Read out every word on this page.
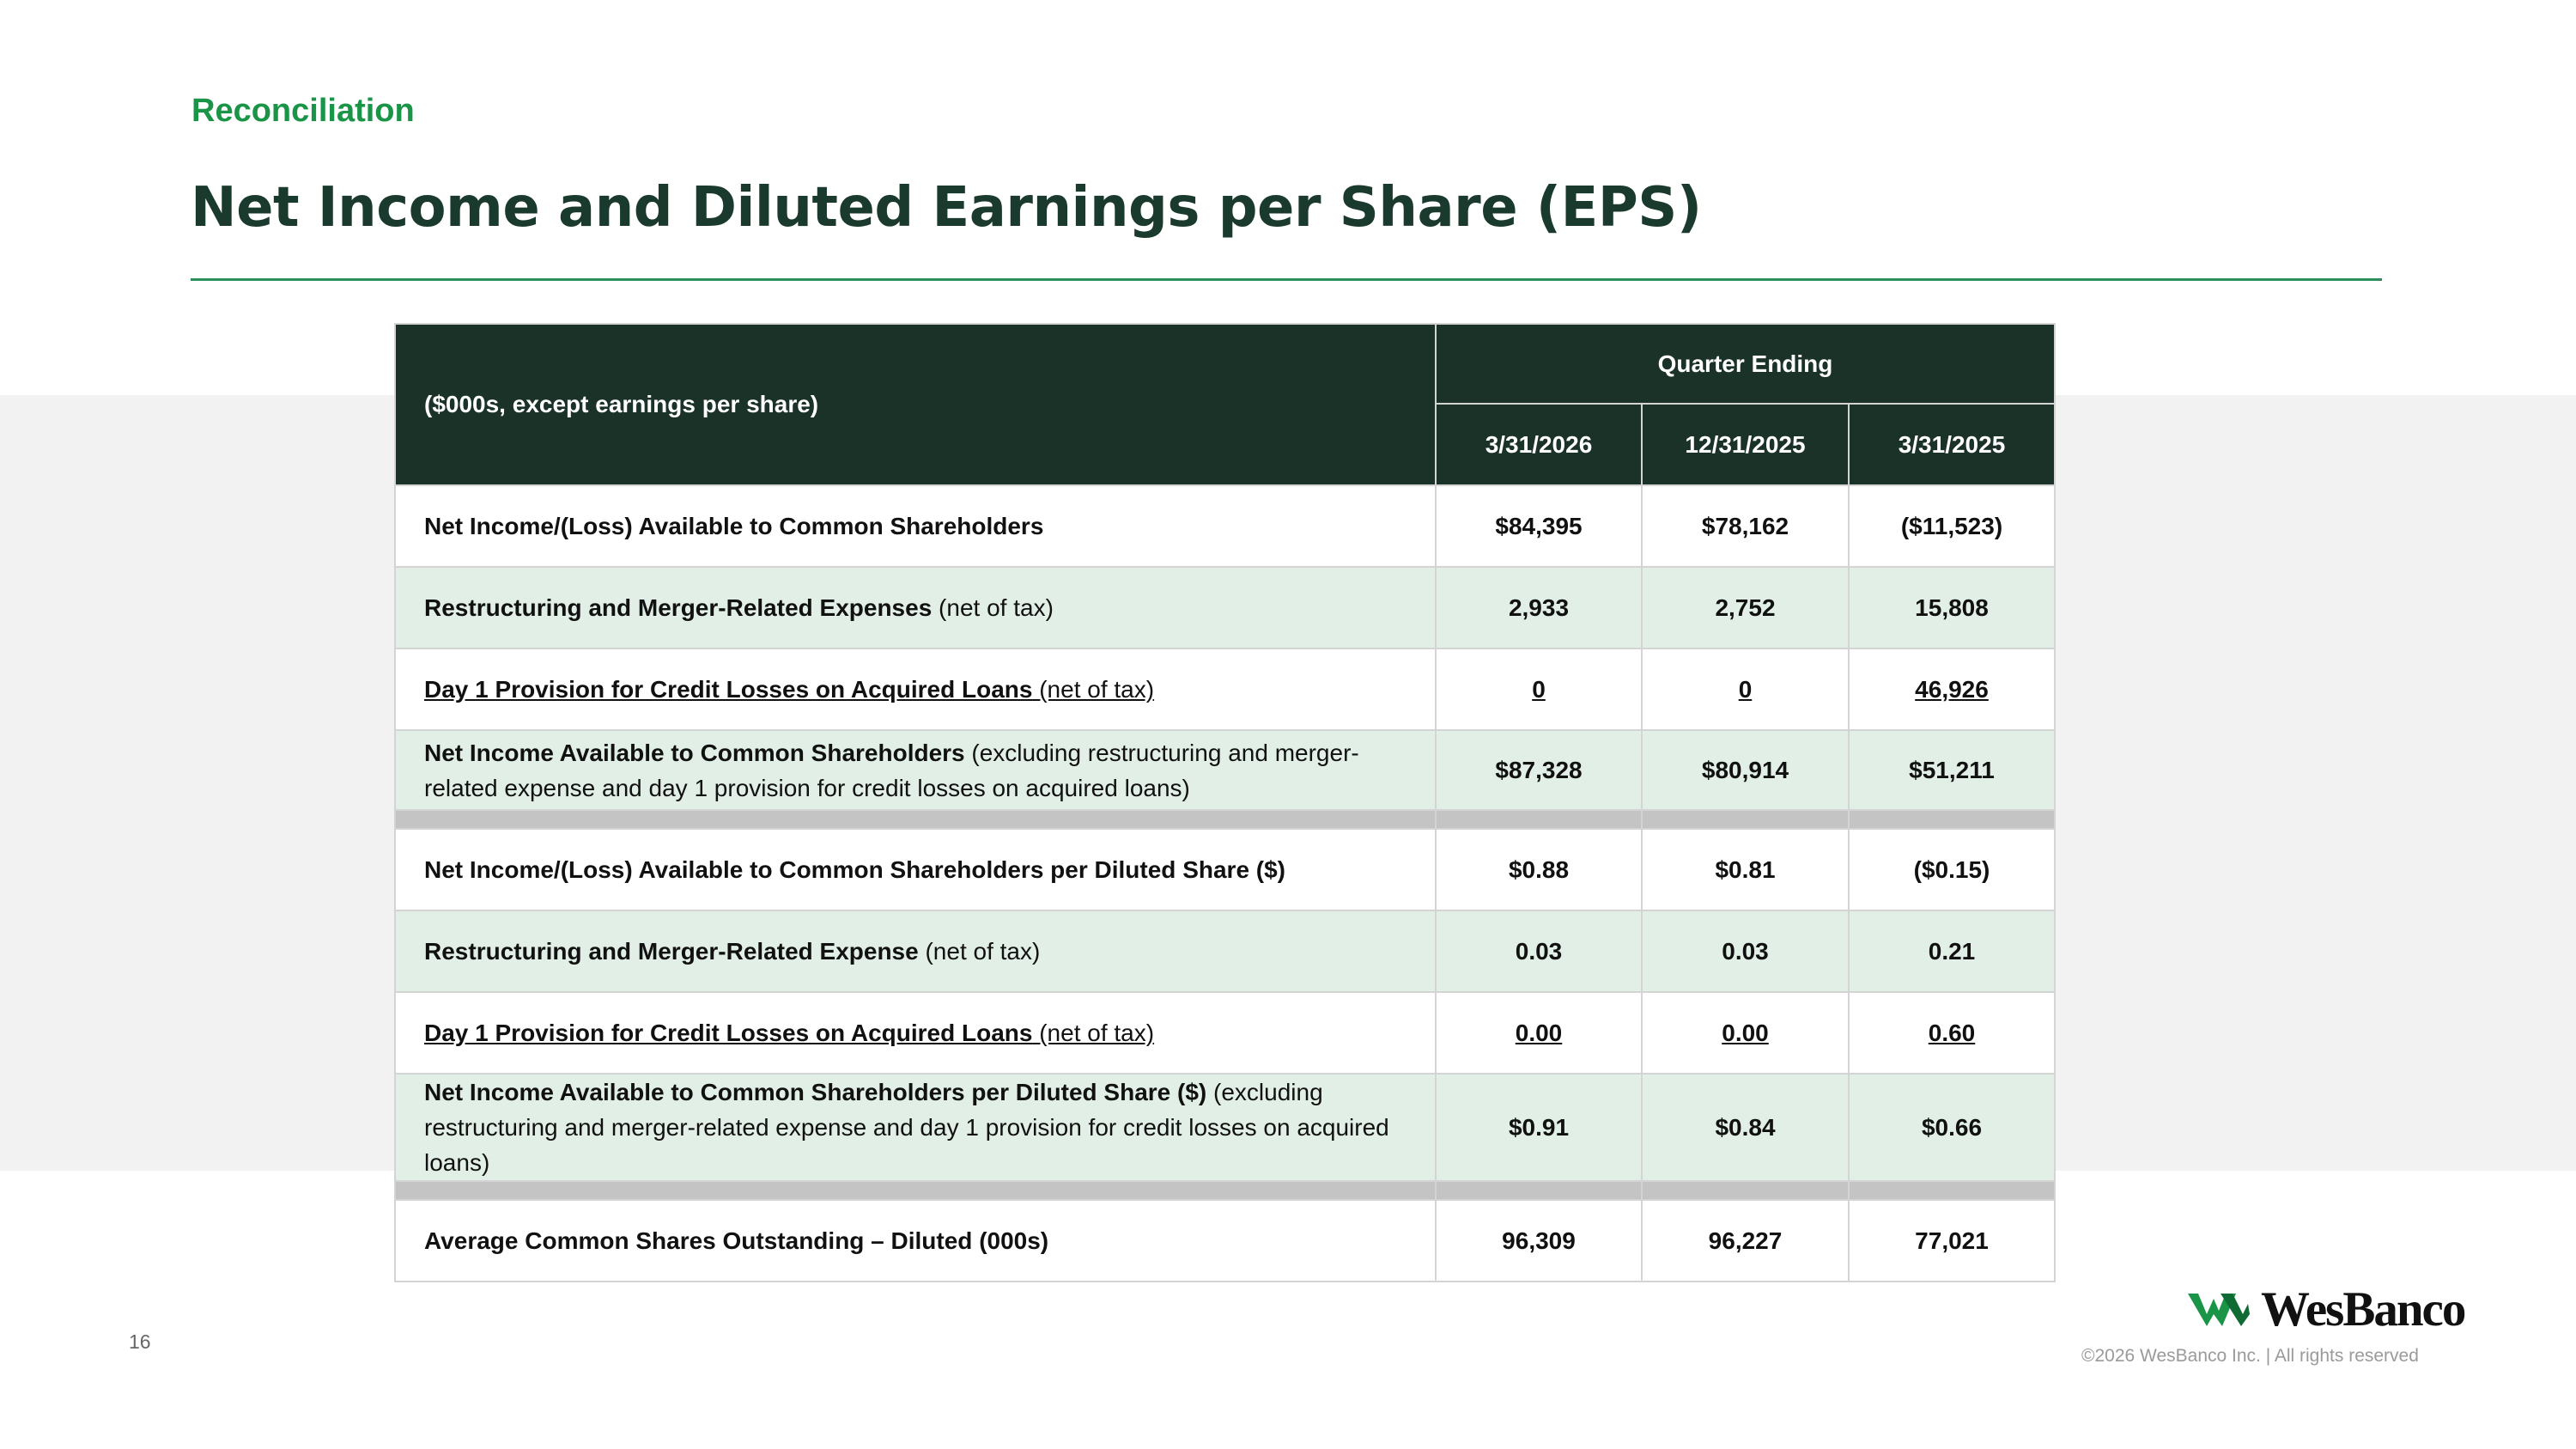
Reconciliation
Net Income and Diluted Earnings per Share (EPS)
($000s, except earnings per share)	Quarter Ending		
	3/31/2026	12/31/2025	3/31/2025
Net Income/(Loss) Available to Common Shareholders	$84,395	$78,162	($11,523)
Restructuring and Merger-Related Expenses (net of tax)	2,933	2,752	15,808
Day 1 Provision for Credit Losses on Acquired Loans (net of tax)	0	0	46,926
Net Income Available to Common Shareholders (excluding restructuring and merger-related expense and day 1 provision for credit losses on acquired loans)	$87,328	$80,914	$51,211

Net Income/(Loss) Available to Common Shareholders per Diluted Share ($)	$0.88	$0.81	($0.15)
Restructuring and Merger-Related Expense (net of tax)	0.03	0.03	0.21
Day 1 Provision for Credit Losses on Acquired Loans (net of tax)	0.00	0.00	0.60
Net Income Available to Common Shareholders per Diluted Share ($) (excluding restructuring and merger-related expense and day 1 provision for credit losses on acquired loans)	$0.91	$0.84	$0.66

Average Common Shares Outstanding – Diluted (000s)	96,309	96,227	77,021
16
WesBanco
©2026 WesBanco Inc. | All rights reserved
